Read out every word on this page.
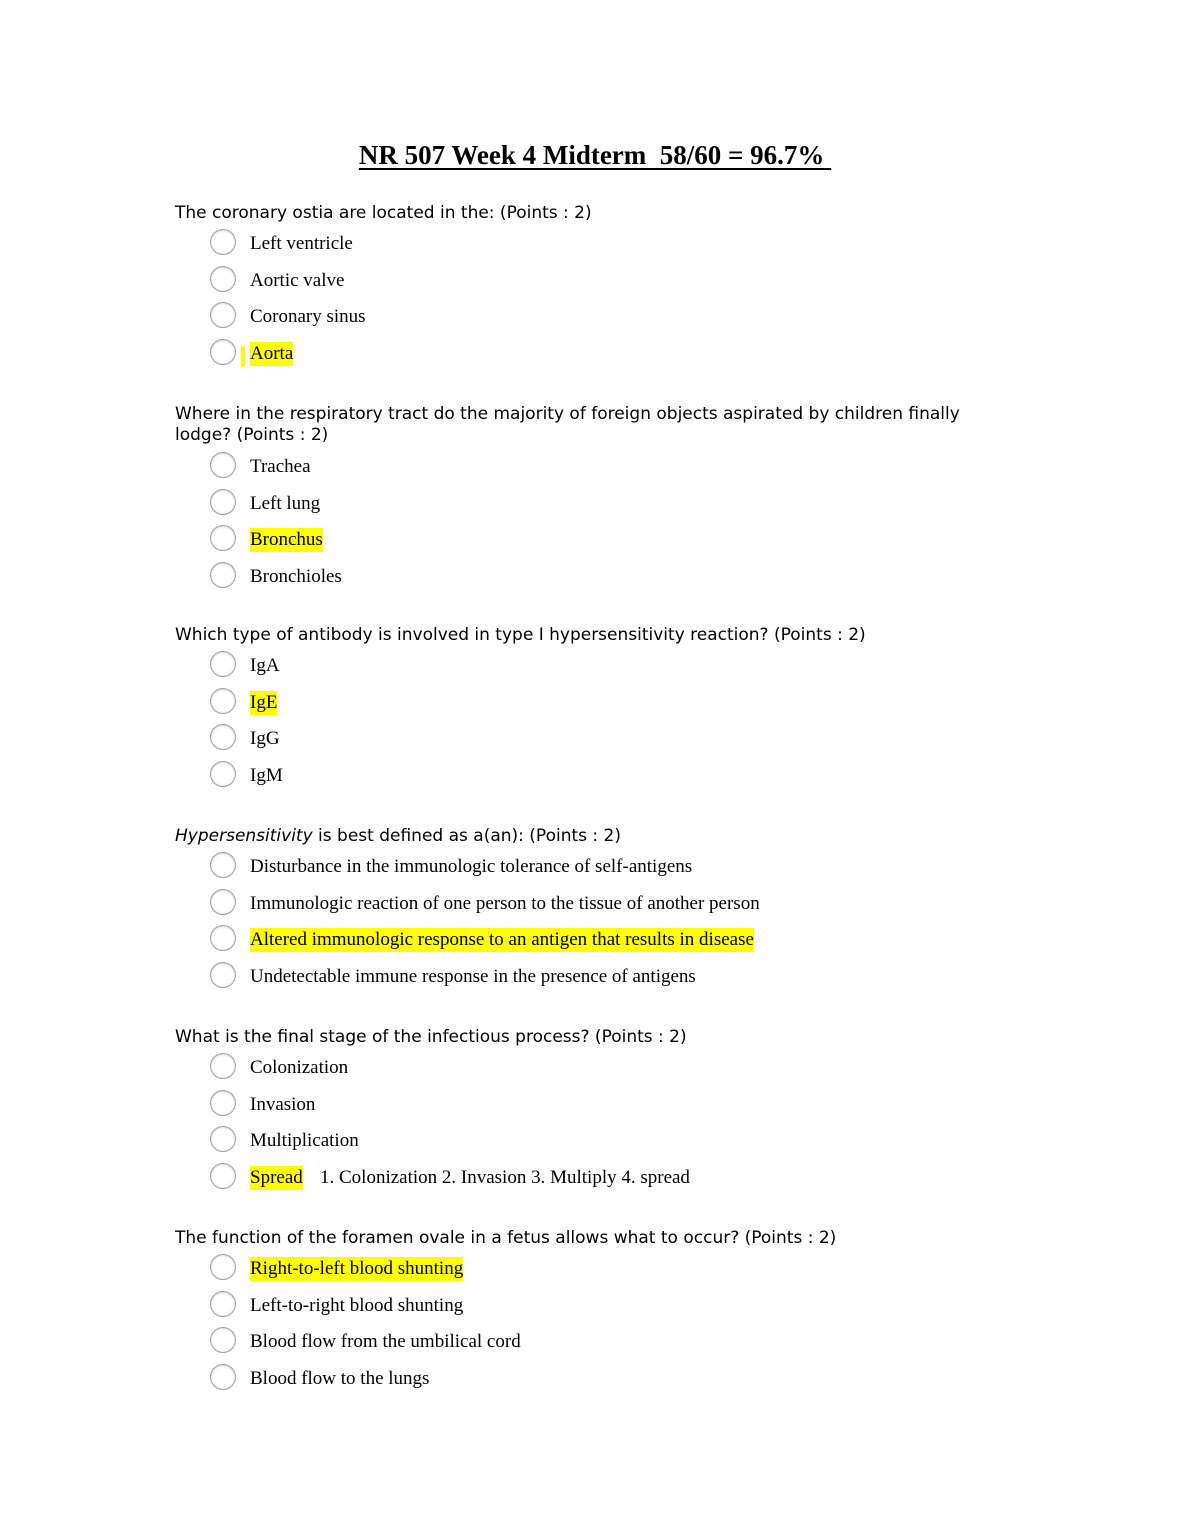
NR 507 Week 4 Midterm  58/60 = 96.7%
The coronary ostia are located in the: (Points : 2)
Left ventricle
Aortic valve
Coronary sinus
Aorta
Where in the respiratory tract do the majority of foreign objects aspirated by children finally lodge? (Points : 2)
Trachea
Left lung
Bronchus
Bronchioles
Which type of antibody is involved in type I hypersensitivity reaction? (Points : 2)
IgA
IgE
IgG
IgM
Hypersensitivity is best defined as a(an): (Points : 2)
Disturbance in the immunologic tolerance of self-antigens
Immunologic reaction of one person to the tissue of another person
Altered immunologic response to an antigen that results in disease
Undetectable immune response in the presence of antigens
What is the final stage of the infectious process? (Points : 2)
Colonization
Invasion
Multiplication
Spread 1. Colonization 2. Invasion 3. Multiply 4. spread
The function of the foramen ovale in a fetus allows what to occur? (Points : 2)
Right-to-left blood shunting
Left-to-right blood shunting
Blood flow from the umbilical cord
Blood flow to the lungs
